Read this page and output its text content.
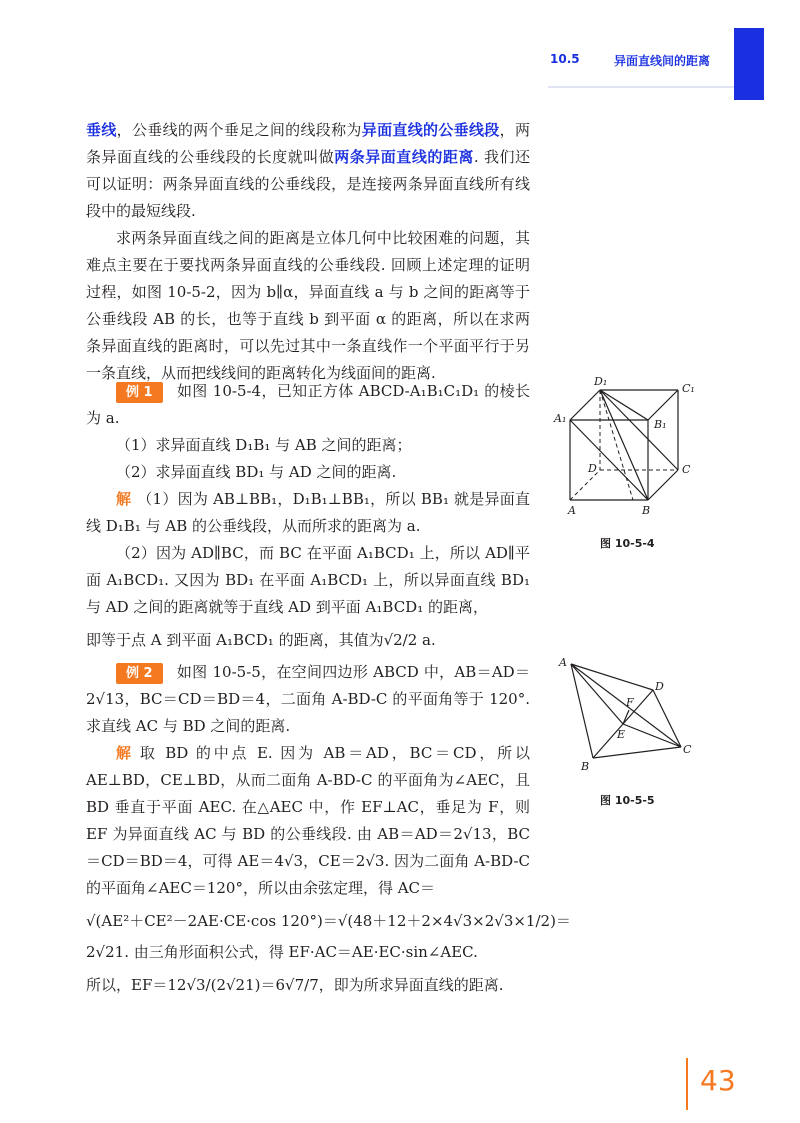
10.5	异面直线间的距离

垂线，公垂线的两个垂足之间的线段称为异面直线的公垂线段，两条异面直线的公垂线段的长度就叫做两条异面直线的距离. 我们还可以证明：两条异面直线的公垂线段，是连接两条异面直线所有线段中的最短线段.

求两条异面直线之间的距离是立体几何中比较困难的问题，其难点主要在于要找两条异面直线的公垂线段. 回顾上述定理的证明过程，如图 10-5-2，因为 b∥α，异面直线 a 与 b 之间的距离等于公垂线段 AB 的长，也等于直线 b 到平面 α 的距离，所以在求两条异面直线的距离时，可以先过其中一条直线作一个平面平行于另一条直线，从而把线线间的距离转化为线面间的距离.

例 1 如图 10-5-4，已知正方体 ABCD-A₁B₁C₁D₁ 的棱长为 a.

（1）求异面直线 D₁B₁ 与 AB 之间的距离；

（2）求异面直线 BD₁ 与 AD 之间的距离.

解 （1）因为 AB⊥BB₁，D₁B₁⊥BB₁，所以 BB₁ 就是异面直线 D₁B₁ 与 AB 的公垂线段，从而所求的距离为 a.

（2）因为 AD∥BC，而 BC 在平面 A₁BCD₁ 上，所以 AD∥平面 A₁BCD₁. 又因为 BD₁ 在平面 A₁BCD₁ 上，所以异面直线 BD₁ 与 AD 之间的距离就等于直线 AD 到平面 A₁BCD₁ 的距离，

即等于点 A 到平面 A₁BCD₁ 的距离，其值为√2/2 a.

例 2 如图 10-5-5，在空间四边形 ABCD 中，AB＝AD＝2√13，BC＝CD＝BD＝4，二面角 A-BD-C 的平面角等于 120°. 求直线 AC 与 BD 之间的距离.

解 取 BD 的中点 E. 因为 AB＝AD，BC＝CD，所以 AE⊥BD，CE⊥BD，从而二面角 A-BD-C 的平面角为∠AEC，且 BD 垂直于平面 AEC. 在△AEC 中，作 EF⊥AC，垂足为 F，则 EF 为异面直线 AC 与 BD 的公垂线段. 由 AB＝AD＝2√13，BC＝CD＝BD＝4，可得 AE＝4√3，CE＝2√3. 因为二面角 A-BD-C 的平面角∠AEC＝120°，所以由余弦定理，得 AC＝

√(AE²＋CE²－2AE·CE·cos 120°)＝√(48＋12＋2×4√3×2√3×1/2)＝

2√21. 由三角形面积公式，得 EF·AC＝AE·EC·sin∠AEC.

所以，EF＝12√3/(2√21)＝6√7/7，即为所求异面直线的距离.

D₁
C₁
A₁	B₁
D	C
A	B
图 10-5-4
A
D
F
E
C
B
图 10-5-5
43
